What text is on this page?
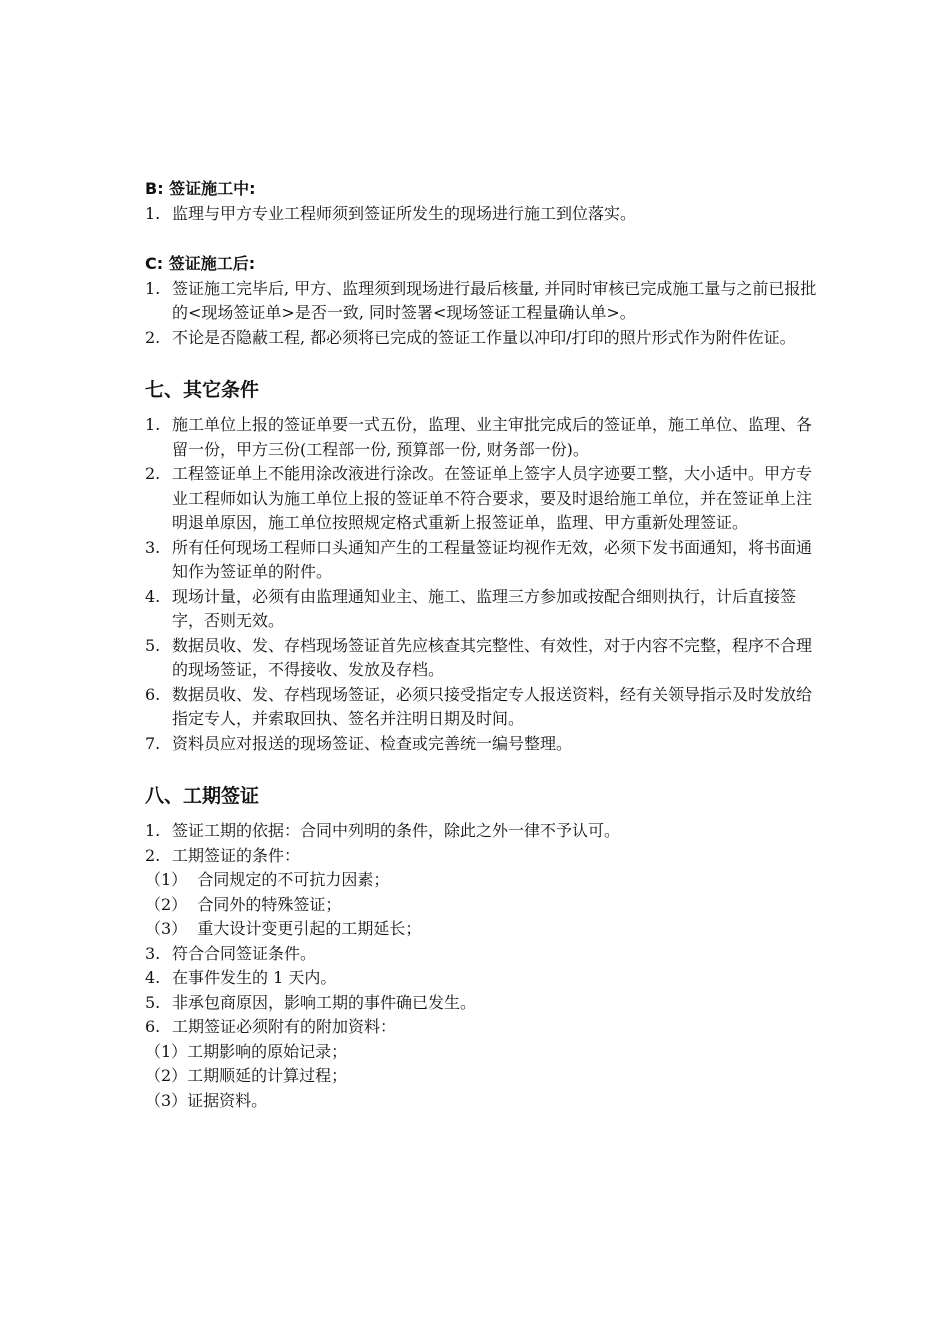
B: 签证施工中:

1. 监理与甲方专业工程师须到签证所发生的现场进行施工到位落实。

C: 签证施工后:

1. 签证施工完毕后, 甲方、监理须到现场进行最后核量, 并同时审核已完成施工量与之前已报批的<现场签证单>是否一致, 同时签署<现场签证工程量确认单>。
2. 不论是否隐蔽工程, 都必须将已完成的签证工作量以冲印/打印的照片形式作为附件佐证。

七、其它条件

1. 施工单位上报的签证单要一式五份，监理、业主审批完成后的签证单，施工单位、监理、各留一份，甲方三份(工程部一份, 预算部一份, 财务部一份)。
2. 工程签证单上不能用涂改液进行涂改。在签证单上签字人员字迹要工整，大小适中。甲方专业工程师如认为施工单位上报的签证单不符合要求，要及时退给施工单位，并在签证单上注明退单原因，施工单位按照规定格式重新上报签证单，监理、甲方重新处理签证。
3. 所有任何现场工程师口头通知产生的工程量签证均视作无效，必须下发书面通知，将书面通知作为签证单的附件。
4. 现场计量，必须有由监理通知业主、施工、监理三方参加或按配合细则执行，计后直接签字，否则无效。
5. 数据员收、发、存档现场签证首先应核查其完整性、有效性，对于内容不完整，程序不合理的现场签证，不得接收、发放及存档。
6. 数据员收、发、存档现场签证，必须只接受指定专人报送资料，经有关领导指示及时发放给指定专人，并索取回执、签名并注明日期及时间。
7. 资料员应对报送的现场签证、检查或完善统一编号整理。

八、工期签证

1. 签证工期的依据：合同中列明的条件，除此之外一律不予认可。
2. 工期签证的条件：

（1）  合同规定的不可抗力因素；

（2）  合同外的特殊签证；

（3）  重大设计变更引起的工期延长；

3. 符合合同签证条件。
4. 在事件发生的 1 天内。
5. 非承包商原因，影响工期的事件确已发生。
6. 工期签证必须附有的附加资料：

（1）工期影响的原始记录；

（2）工期顺延的计算过程；

（3）证据资料。
